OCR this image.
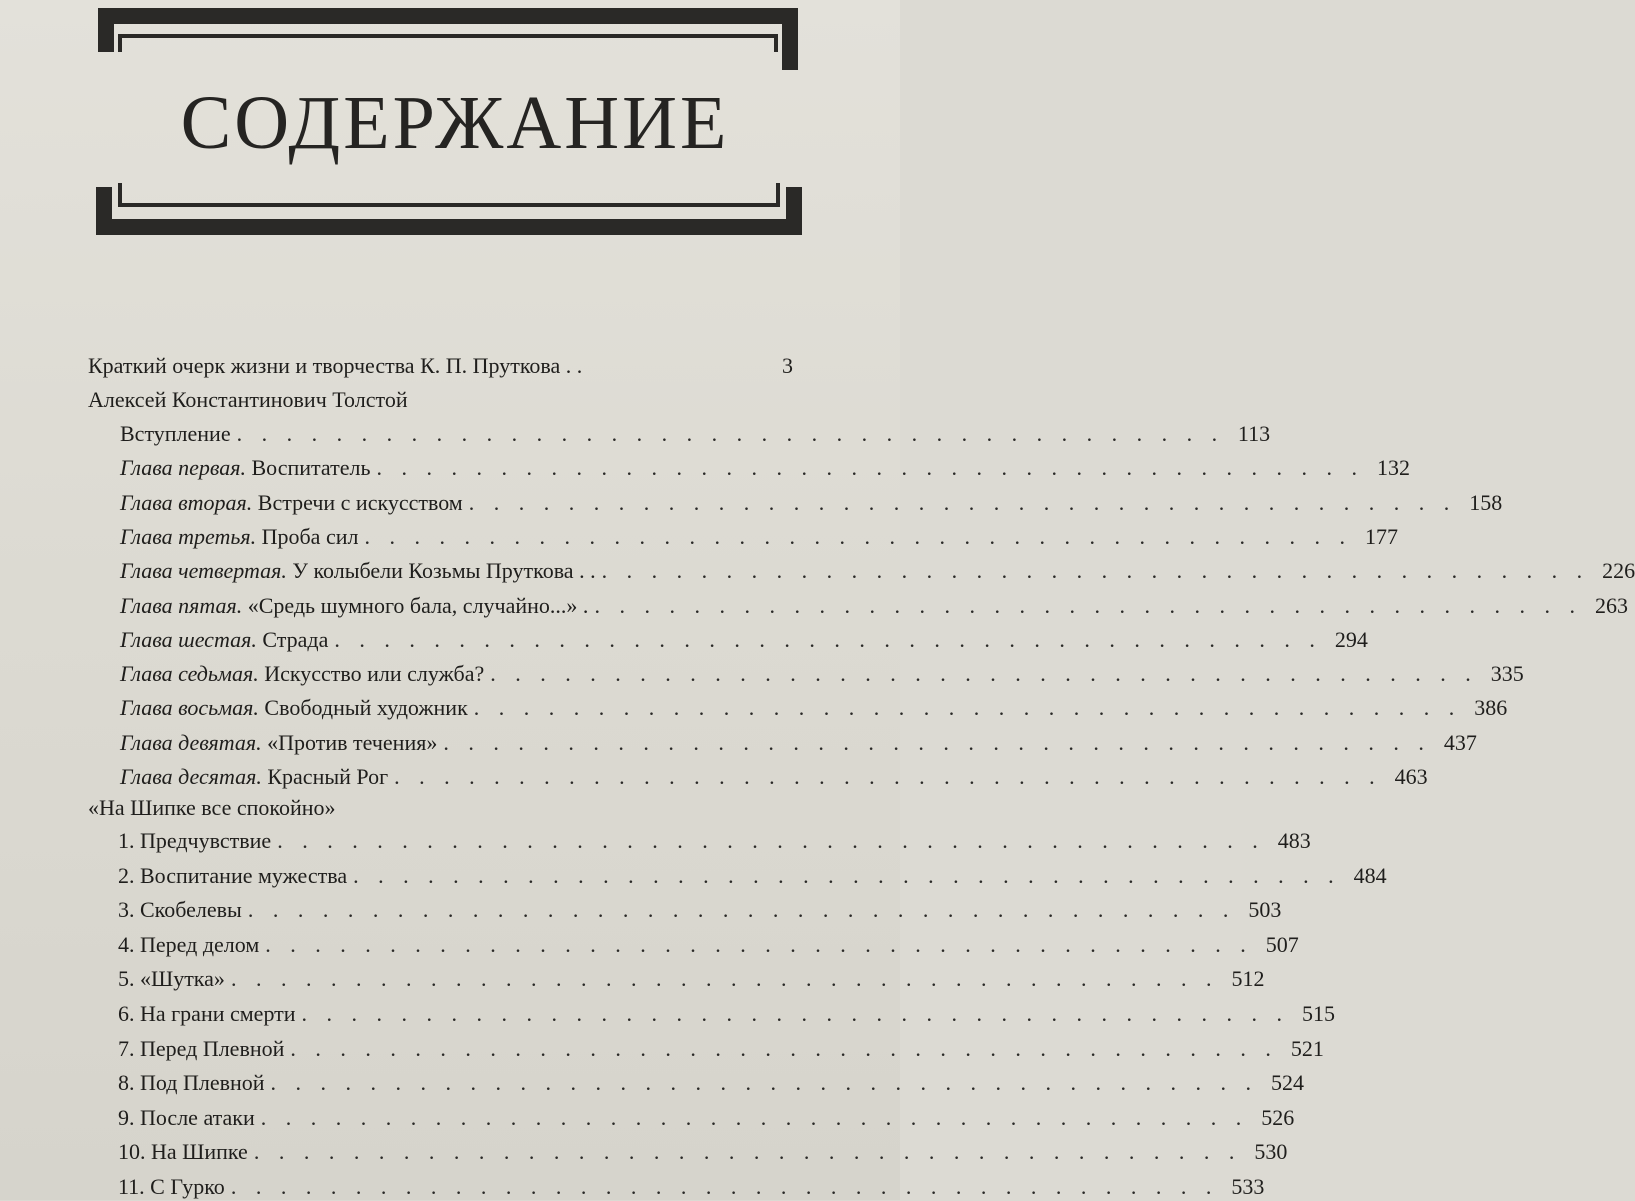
СОДЕРЖАНИЕ
Краткий очерк жизни и творчества К. П. Пруткова . .	3
Алексей Константинович Толстой
Вступление . . . . . . . . . . . . . . . . . . . . . . . . . . . . . . . . . . . . . . . . 113
Глава первая. Воспитатель . . . . . . . . . . . . . . . . . . . . . . . . . . . . . . . . . . . . . . . . 132
Глава вторая. Встречи с искусством . . . . . . . . . . . . . . . . . . . . . . . . . . . . . . . . . . . . . . . . 158
Глава третья. Проба сил . . . . . . . . . . . . . . . . . . . . . . . . . . . . . . . . . . . . . . . . 177
Глава четвертая. У колыбели Козьмы Пруткова . . . . . . . . . . . . . . . . . . . . . . . . . . . . . . . . . . . . . . . . . . 226
Глава пятая. «Средь шумного бала, случайно...» . . . . . . . . . . . . . . . . . . . . . . . . . . . . . . . . . . . . . . . . . 263
Глава шестая. Страда . . . . . . . . . . . . . . . . . . . . . . . . . . . . . . . . . . . . . . . . 294
Глава седьмая. Искусство или служба? . . . . . . . . . . . . . . . . . . . . . . . . . . . . . . . . . . . . . . . . 335
Глава восьмая. Свободный художник . . . . . . . . . . . . . . . . . . . . . . . . . . . . . . . . . . . . . . . . 386
Глава девятая. «Против течения» . . . . . . . . . . . . . . . . . . . . . . . . . . . . . . . . . . . . . . . . 437
Глава десятая. Красный Рог . . . . . . . . . . . . . . . . . . . . . . . . . . . . . . . . . . . . . . . . 463
«На Шипке все спокойно»
1. Предчувствие . . . . . . . . . . . . . . . . . . . . . . . . . . . . . . . . . . . . . . . . 483
2. Воспитание мужества . . . . . . . . . . . . . . . . . . . . . . . . . . . . . . . . . . . . . . . . 484
3. Скобелевы . . . . . . . . . . . . . . . . . . . . . . . . . . . . . . . . . . . . . . . . 503
4. Перед делом . . . . . . . . . . . . . . . . . . . . . . . . . . . . . . . . . . . . . . . . 507
5. «Шутка» . . . . . . . . . . . . . . . . . . . . . . . . . . . . . . . . . . . . . . . . 512
6. На грани смерти . . . . . . . . . . . . . . . . . . . . . . . . . . . . . . . . . . . . . . . . 515
7. Перед Плевной . . . . . . . . . . . . . . . . . . . . . . . . . . . . . . . . . . . . . . . . 521
8. Под Плевной . . . . . . . . . . . . . . . . . . . . . . . . . . . . . . . . . . . . . . . . 524
9. После атаки . . . . . . . . . . . . . . . . . . . . . . . . . . . . . . . . . . . . . . . . 526
10. На Шипке . . . . . . . . . . . . . . . . . . . . . . . . . . . . . . . . . . . . . . . . 530
11. С Гурко . . . . . . . . . . . . . . . . . . . . . . . . . . . . . . . . . . . . . . . . 533
